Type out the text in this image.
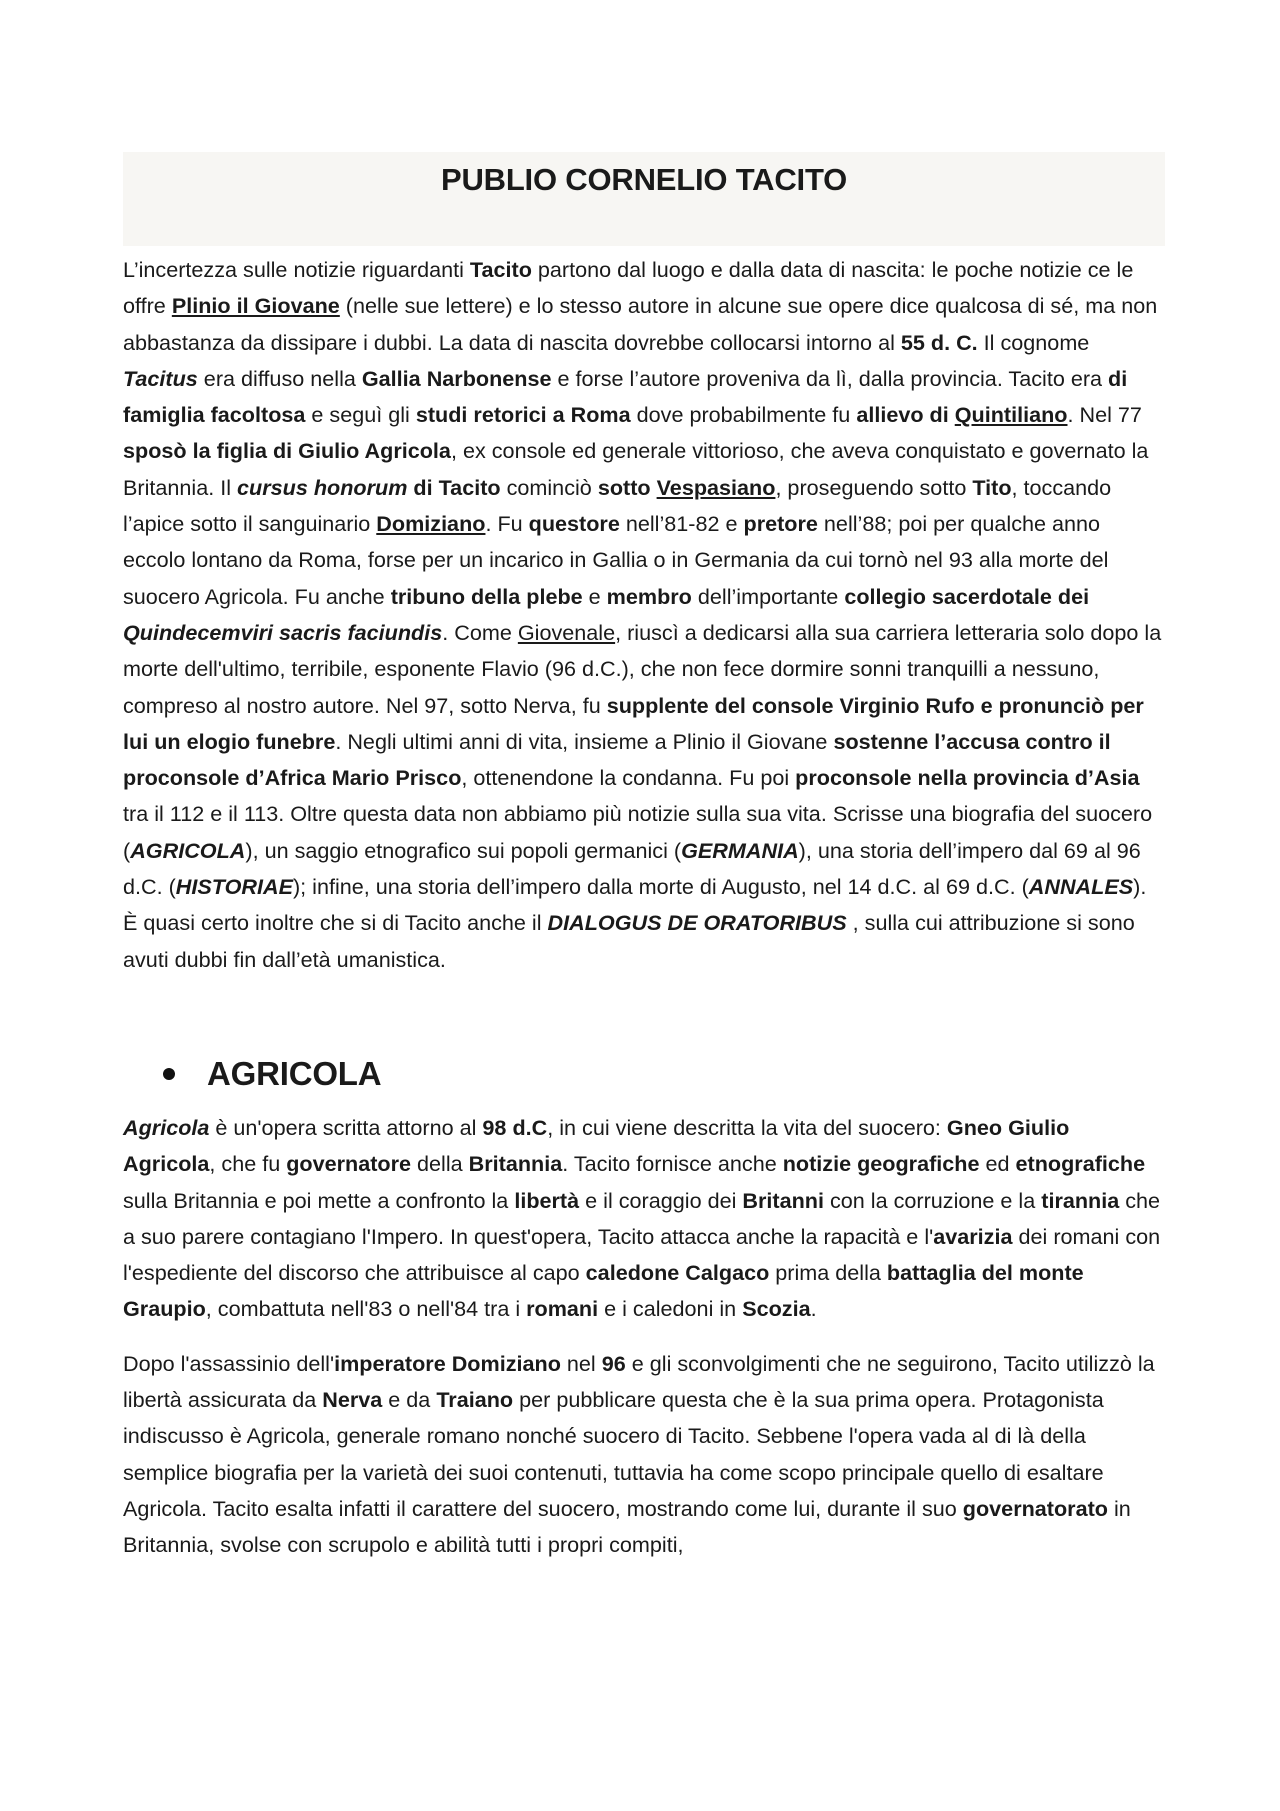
PUBLIO CORNELIO TACITO

L’incertezza sulle notizie riguardanti Tacito partono dal luogo e dalla data di nascita: le poche notizie ce le offre Plinio il Giovane (nelle sue lettere) e lo stesso autore in alcune sue opere dice qualcosa di sé, ma non abbastanza da dissipare i dubbi. La data di nascita dovrebbe collocarsi intorno al 55 d. C. Il cognome Tacitus era diffuso nella Gallia Narbonense e forse l’autore proveniva da lì, dalla provincia. Tacito era di famiglia facoltosa e seguì gli studi retorici a Roma dove probabilmente fu allievo di Quintiliano. Nel 77 sposò la figlia di Giulio Agricola, ex console ed generale vittorioso, che aveva conquistato e governato la Britannia. Il cursus honorum di Tacito cominciò sotto Vespasiano, proseguendo sotto Tito, toccando l’apice sotto il sanguinario Domiziano. Fu questore nell’81-82 e pretore nell’88; poi per qualche anno eccolo lontano da Roma, forse per un incarico in Gallia o in Germania da cui tornò nel 93 alla morte del suocero Agricola. Fu anche tribuno della plebe e membro dell’importante collegio sacerdotale dei Quindecemviri sacris faciundis. Come Giovenale, riuscì a dedicarsi alla sua carriera letteraria solo dopo la morte dell'ultimo, terribile, esponente Flavio (96 d.C.), che non fece dormire sonni tranquilli a nessuno, compreso al nostro autore. Nel 97, sotto Nerva, fu supplente del console Virginio Rufo e pronunciò per lui un elogio funebre. Negli ultimi anni di vita, insieme a Plinio il Giovane sostenne l’accusa contro il proconsole d’Africa Mario Prisco, ottenendone la condanna. Fu poi proconsole nella provincia d’Asia tra il 112 e il 113. Oltre questa data non abbiamo più notizie sulla sua vita. Scrisse una biografia del suocero (AGRICOLA), un saggio etnografico sui popoli germanici (GERMANIA), una storia dell’impero dal 69 al 96 d.C. (HISTORIAE); infine, una storia dell’impero dalla morte di Augusto, nel 14 d.C. al 69 d.C. (ANNALES). È quasi certo inoltre che si di Tacito anche il DIALOGUS DE ORATORIBUS , sulla cui attribuzione si sono avuti dubbi fin dall’età umanistica.

AGRICOLA

Agricola è un'opera scritta attorno al 98 d.C, in cui viene descritta la vita del suocero: Gneo Giulio Agricola, che fu governatore della Britannia. Tacito fornisce anche notizie geografiche ed etnografiche sulla Britannia e poi mette a confronto la libertà e il coraggio dei Britanni con la corruzione e la tirannia che a suo parere contagiano l'Impero. In quest'opera, Tacito attacca anche la rapacità e l'avarizia dei romani con l'espediente del discorso che attribuisce al capo caledone Calgaco prima della battaglia del monte Graupio, combattuta nell'83 o nell'84 tra i romani e i caledoni in Scozia.

Dopo l'assassinio dell'imperatore Domiziano nel 96 e gli sconvolgimenti che ne seguirono, Tacito utilizzò la libertà assicurata da Nerva e da Traiano per pubblicare questa che è la sua prima opera. Protagonista indiscusso è Agricola, generale romano nonché suocero di Tacito. Sebbene l'opera vada al di là della semplice biografia per la varietà dei suoi contenuti, tuttavia ha come scopo principale quello di esaltare Agricola. Tacito esalta infatti il carattere del suocero, mostrando come lui, durante il suo governatorato in Britannia, svolse con scrupolo e abilità tutti i propri compiti,
